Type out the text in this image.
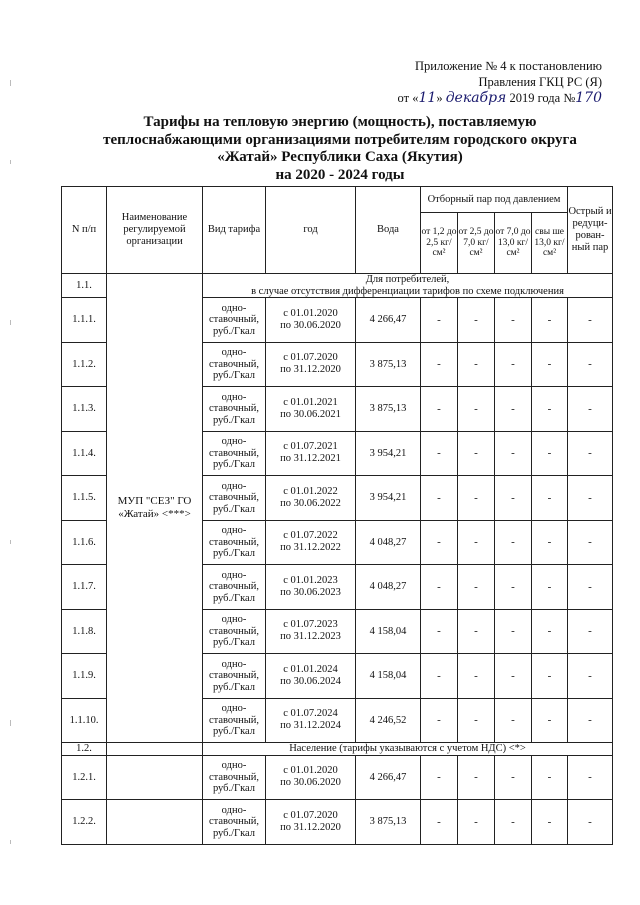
Приложение № 4 к постановлению
Правления ГКЦ РС (Я)
от «11» декабря 2019 года №170
Тарифы на тепловую энергию (мощность), поставляемую
теплоснабжающими организациями потребителям городского округа
«Жатай» Республики Саха (Якутия)
на 2020 - 2024 годы
N п/п	Наименование регулируемой организации	Вид тарифа	год	Вода	Отборный пар под давлением				Острый и редуци-рован-ный пар
					от 1,2 до 2,5 кг/ см²	от 2,5 до 7,0 кг/ см²	от 7,0 до 13,0 кг/ см²	свы ше 13,0 кг/ см²	
1.1.	МУП "СЕЗ" ГО «Жатай» <***>	Для потребителей,
в случае отсутствия дифференциации тарифов по схеме подключения							

1.1.1.		одно-ставочный, руб./Гкал	с 01.01.2020
по 30.06.2020	4 266,47	-	-	-	-	-
1.1.2.		одно-ставочный, руб./Гкал	с 01.07.2020
по 31.12.2020	3 875,13	-	-	-	-	-
1.1.3.		одно-ставочный, руб./Гкал	с 01.01.2021
по 30.06.2021	3 875,13	-	-	-	-	-
1.1.4.		одно-ставочный, руб./Гкал	с 01.07.2021
по 31.12.2021	3 954,21	-	-	-	-	-
1.1.5.		одно-ставочный, руб./Гкал	с 01.01.2022
по 30.06.2022	3 954,21	-	-	-	-	-
1.1.6.		одно-ставочный, руб./Гкал	с 01.07.2022
по 31.12.2022	4 048,27	-	-	-	-	-
1.1.7.		одно-ставочный, руб./Гкал	с 01.01.2023
по 30.06.2023	4 048,27	-	-	-	-	-
1.1.8.		одно-ставочный, руб./Гкал	с 01.07.2023
по 31.12.2023	4 158,04	-	-	-	-	-
1.1.9.		одно-ставочный, руб./Гкал	с 01.01.2024
по 30.06.2024	4 158,04	-	-	-	-	-
1.1.10.		одно-ставочный, руб./Гкал	с 01.07.2024
по 31.12.2024	4 246,52	-	-	-	-	-
1.2.		Население (тарифы указываются с учетом НДС) <*>							

1.2.1.		одно-ставочный, руб./Гкал	с 01.01.2020
по 30.06.2020	4 266,47	-	-	-	-	-
1.2.2.		одно-ставочный, руб./Гкал	с 01.07.2020
по 31.12.2020	3 875,13	-	-	-	-	-
